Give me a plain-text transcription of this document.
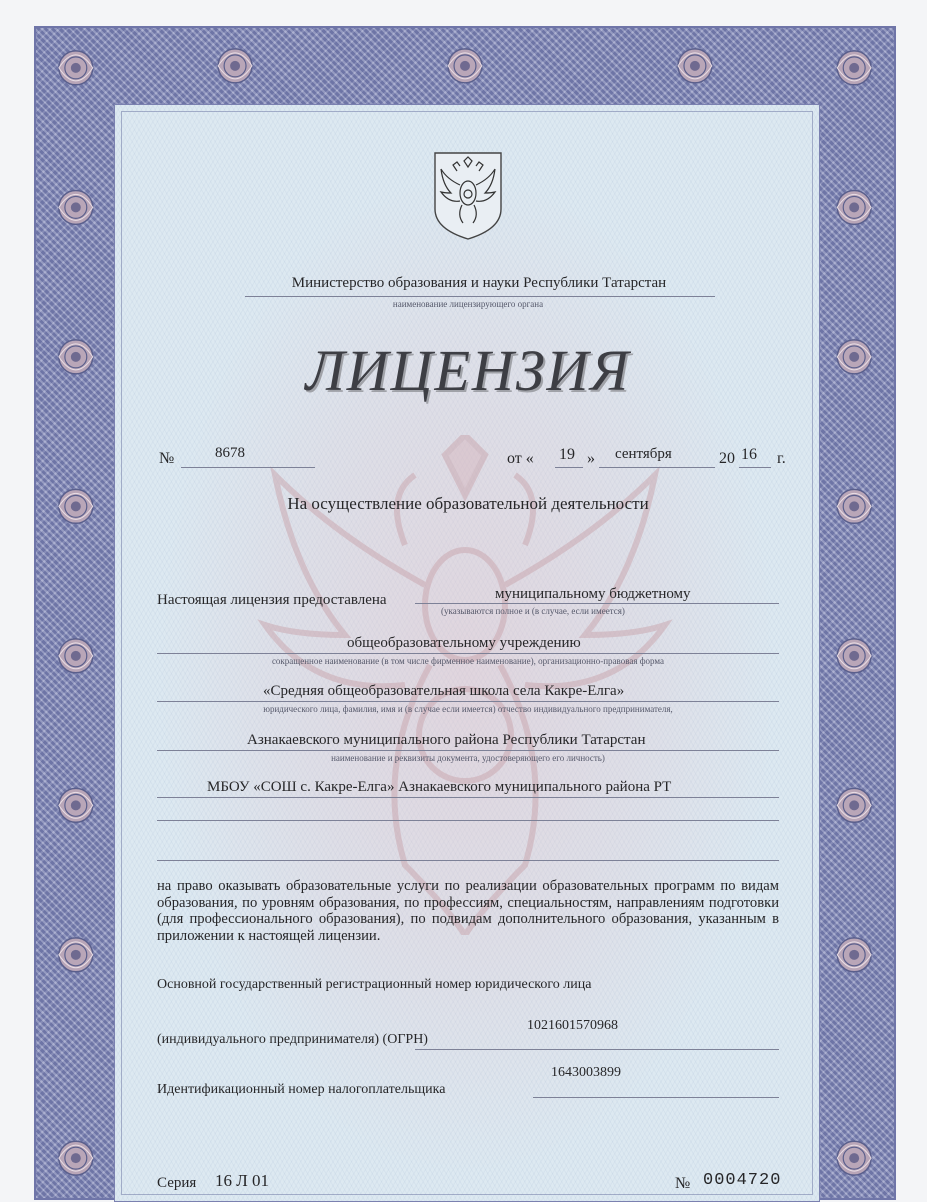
Министерство образования и науки Республики Татарстан
наименование лицензирующего органа
ЛИЦЕНЗИЯ
№	8678	от « 19 » сентября	20 16 г.
На осуществление образовательной деятельности
Настоящая лицензия предоставлена	муниципальному бюджетному
(указываются полное и (в случае, если имеется)
общеобразовательному учреждению
сокращенное наименование (в том числе фирменное наименование), организационно-правовая форма
«Средняя общеобразовательная школа села Какре-Елга»
юридического лица, фамилия, имя и (в случае если имеется) отчество индивидуального предпринимателя,
Азнакаевского муниципального района Республики Татарстан
наименование и реквизиты документа, удостоверяющего его личность)
МБОУ «СОШ с. Какре-Елга» Азнакаевского муниципального района РТ
на право оказывать образовательные услуги по реализации образовательных программ по видам образования, по уровням образования, по профессиям, специальностям, направлениям подготовки (для профессионального образования), по подвидам дополнительного образования, указанным в приложении к настоящей лицензии.
Основной государственный регистрационный номер юридического лица
(индивидуального предпринимателя) (ОГРН)
1021601570968
Идентификационный номер налогоплательщика
1643003899
Серия 16 Л 01	№ 0004720
